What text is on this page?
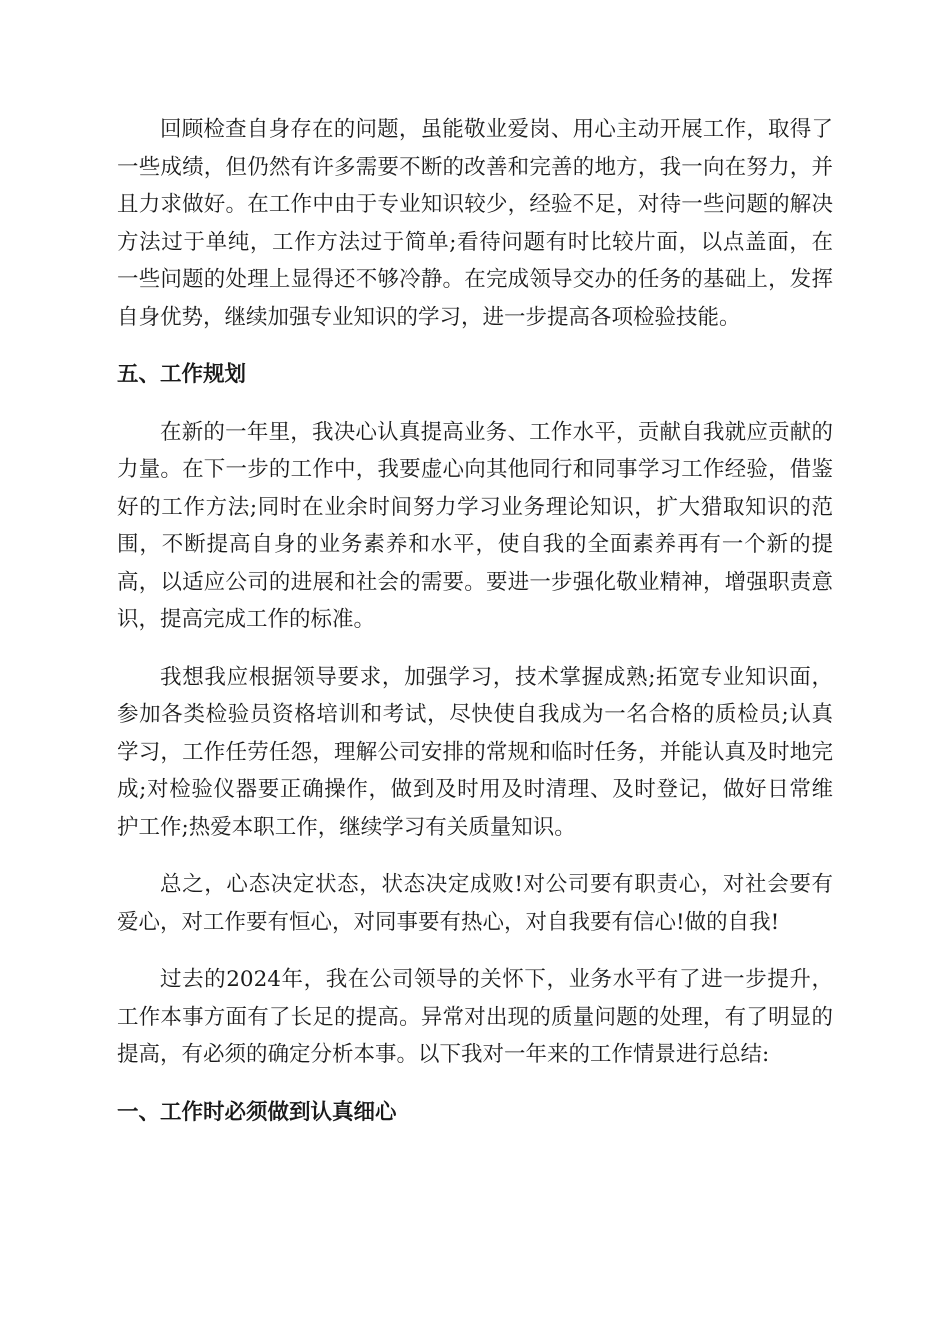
回顾检查自身存在的问题，虽能敬业爱岗、用心主动开展工作，取得了一些成绩，但仍然有许多需要不断的改善和完善的地方，我一向在努力，并且力求做好。在工作中由于专业知识较少，经验不足，对待一些问题的解决方法过于单纯，工作方法过于简单;看待问题有时比较片面，以点盖面，在一些问题的处理上显得还不够冷静。在完成领导交办的任务的基础上，发挥自身优势，继续加强专业知识的学习，进一步提高各项检验技能。

五、工作规划

在新的一年里，我决心认真提高业务、工作水平，贡献自我就应贡献的力量。在下一步的工作中，我要虚心向其他同行和同事学习工作经验，借鉴好的工作方法;同时在业余时间努力学习业务理论知识，扩大猎取知识的范围，不断提高自身的业务素养和水平，使自我的全面素养再有一个新的提高，以适应公司的进展和社会的需要。要进一步强化敬业精神，增强职责意识，提高完成工作的标准。

我想我应根据领导要求，加强学习，技术掌握成熟;拓宽专业知识面，参加各类检验员资格培训和考试，尽快使自我成为一名合格的质检员;认真学习，工作任劳任怨，理解公司安排的常规和临时任务，并能认真及时地完成;对检验仪器要正确操作，做到及时用及时清理、及时登记，做好日常维护工作;热爱本职工作，继续学习有关质量知识。

总之，心态决定状态，状态决定成败!对公司要有职责心，对社会要有爱心，对工作要有恒心，对同事要有热心，对自我要有信心!做的自我!

过去的2024年，我在公司领导的关怀下，业务水平有了进一步提升，工作本事方面有了长足的提高。异常对出现的质量问题的处理，有了明显的提高，有必须的确定分析本事。以下我对一年来的工作情景进行总结:

一、工作时必须做到认真细心
